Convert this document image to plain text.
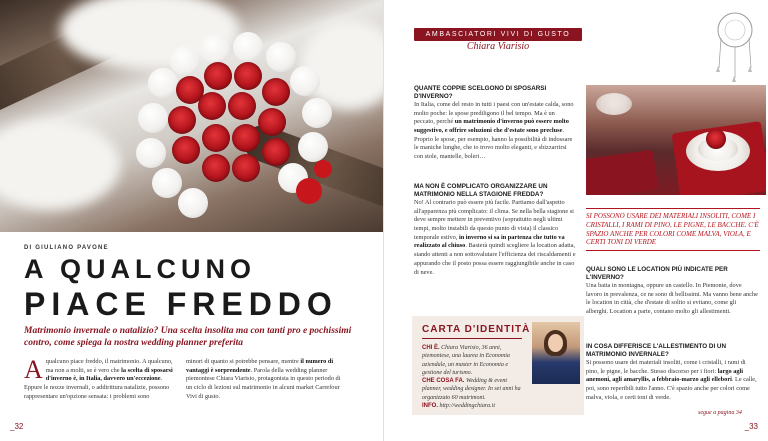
DI GIULIANO PAVONE
A QUALCUNO
PIACE FREDDO
Matrimonio invernale o natalizio? Una scelta insolita ma con tanti pro e pochissimi contro, come spiega la nostra wedding planner preferita
Aqualcuno piace freddo, il matrimonio. A qualcuno, ma non a molti, se è vero che la scelta di sposarsi d'inverno è, in Italia, davvero un'eccezione. Eppure le nozze invernali, o addirittura natalizie, possono rappresentare un'opzione sensata: i problemi sono
minori di quanto si potrebbe pensare, mentre il numero di vantaggi è sorprendente. Parola della wedding planner piemontese Chiara Viarisio, protagonista in questo periodo di un ciclo di lezioni sul matrimonio in alcuni market Carrefour Vivi di gusto.
_32
AMBASCIATORI VIVI DI GUSTO
Chiara Viarisio
QUANTE COPPIE SCELGONO DI SPOSARSI D'INVERNO?
In Italia, come del resto in tutti i paesi con un'estate calda, sono molto poche: le spose prediligono il bel tempo. Ma è un peccato, perché un matrimonio d'inverno può essere molto suggestivo, e offrire soluzioni che d'estate sono precluse. Proprio le spose, per esempio, hanno la possibilità di indossare le maniche lunghe, che io trovo molto eleganti, e sbizzarrirsi con stole, mantelle, boleri…
MA NON È COMPLICATO ORGANIZZARE UN MATRIMONIO NELLA STAGIONE FREDDA?
No! Al contrario può essere più facile. Partiamo dall'aspetto all'apparenza più complicato: il clima. Se nella bella stagione si deve sempre mettere in preventivo (soprattutto negli ultimi tempi, molto instabili da questo punto di vista) il classico temporale estivo, in inverno si sa in partenza che tutto va realizzato al chiuso. Basterà quindi scegliere la location adatta, stando attenti a non sottovalutare l'efficienza dei riscaldamenti e appurando che il posto possa essere raggiungibile anche in caso di neve.
SI POSSONO USARE DEI MATERIALI INSOLITI, COME I CRISTALLI, I RAMI DI PINO, LE PIGNE, LE BACCHE. C'È SPAZIO ANCHE PER COLORI COME MALVA, VIOLA, E CERTI TONI DI VERDE
CARTA D'IDENTITÀ
CHI È. Chiara Viarisio, 36 anni, piemontese, una laurea in Economia aziendale, un master in Economia e gestione del turismo.
CHE COSA FA. Wedding & event planner, wedding designer. In sei anni ha organizzato 60 matrimoni.
INFO. http://weddingchiara.it
QUALI SONO LE LOCATION PIÙ INDICATE PER L'INVERNO?
Una baita in montagna, oppure un castello. In Piemonte, dove lavoro in prevalenza, ce ne sono di bellissimi. Ma vanno bene anche le location in città, che d'estate di solito si evitano, come gli alberghi. Location a parte, contano molto gli allestimenti.
IN COSA DIFFERISCE L'ALLESTIMENTO DI UN MATRIMONIO INVERNALE?
Si possono usare dei materiali insoliti, come i cristalli, i rami di pino, le pigne, le bacche. Stesso discorso per i fiori: largo agli anemoni, agli amaryllis, a febbraio-marzo agli ellebori. Le calle, poi, sono reperibili tutto l'anno. C'è spazio anche per colori come malva, viola, e certi toni di verde.
segue a pagina 34
_33
